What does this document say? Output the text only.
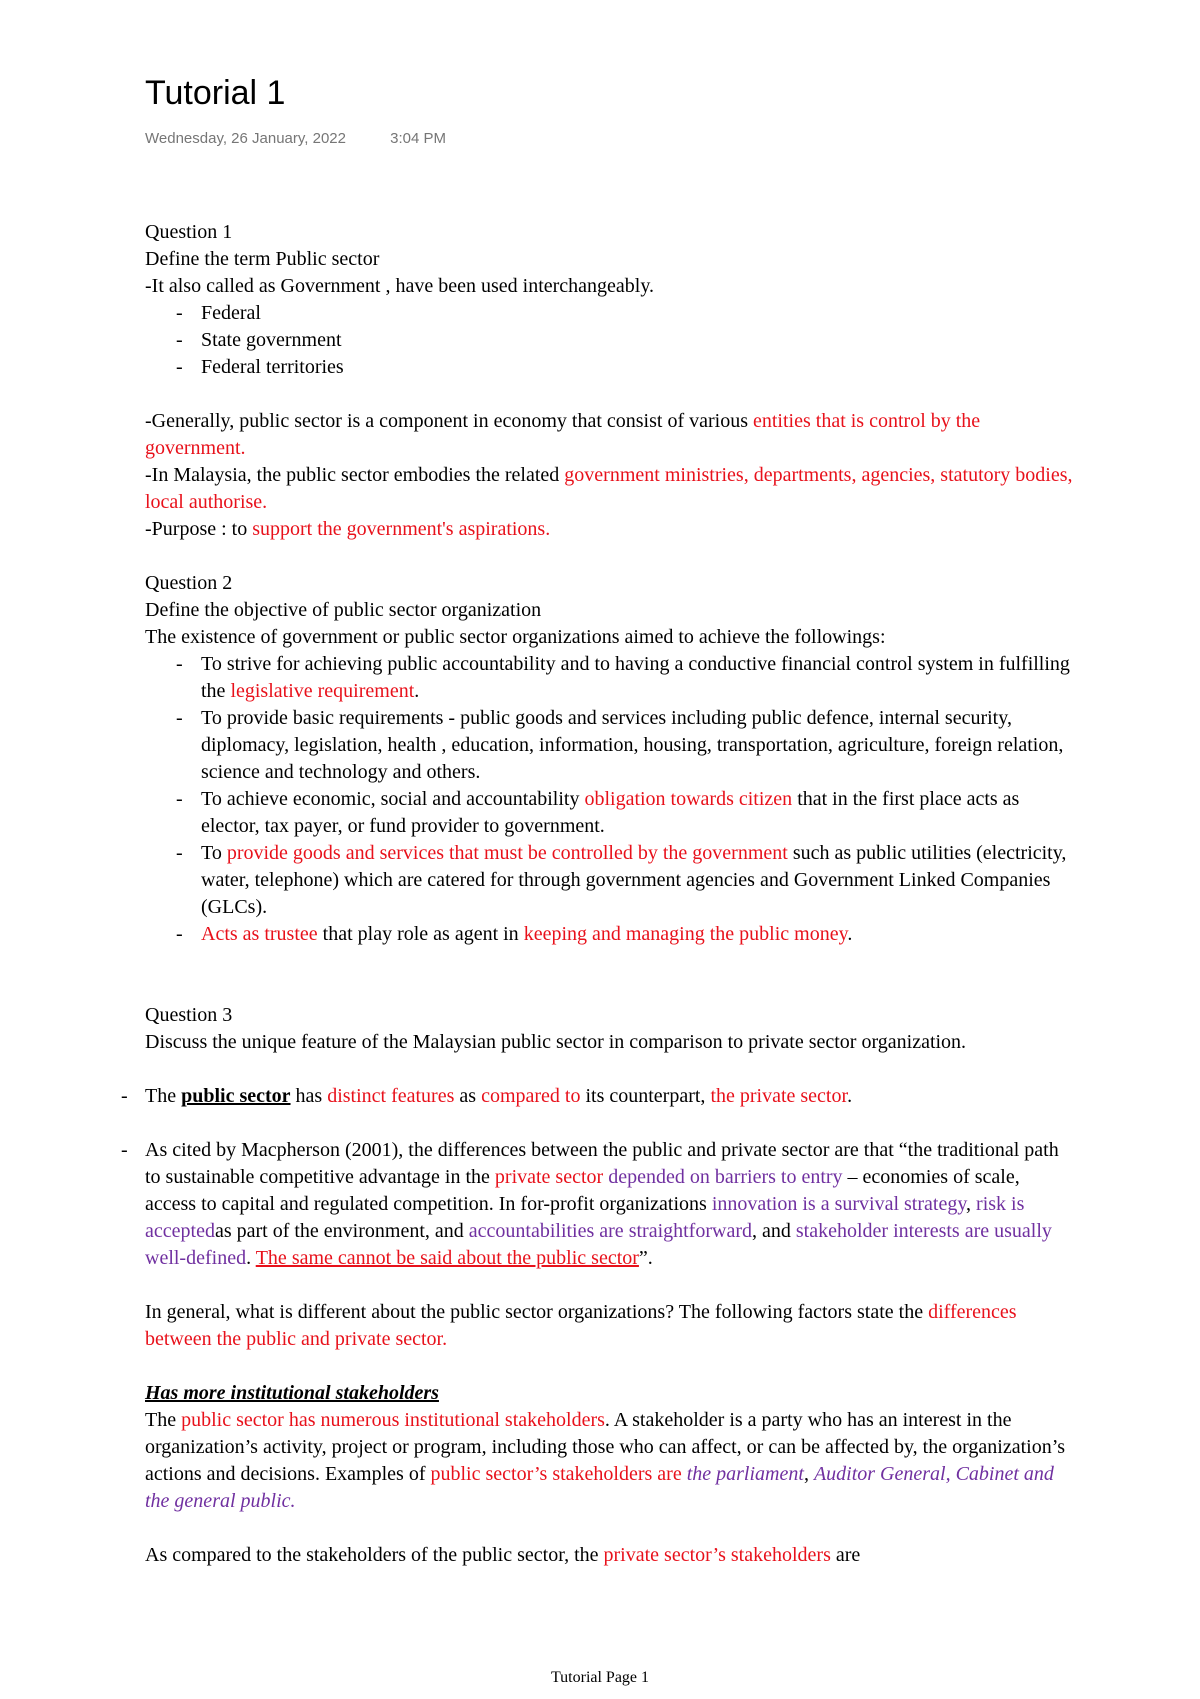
Tutorial 1
Wednesday, 26 January, 2022	3:04 PM

Question 1

Define the term Public sector

-It also called as Government , have been used interchangeably.

- Federal
- State government
- Federal territories

-Generally, public sector is a component in economy that consist of various entities that is control by the government.

-In Malaysia, the public sector embodies the related government ministries, departments, agencies, statutory bodies, local authorise.

-Purpose : to support the government's aspirations.

Question 2

Define the objective of public sector organization

The existence of government or public sector organizations aimed to achieve the followings:

- To strive for achieving public accountability and to having a conductive financial control system in fulfilling the legislative requirement.
- To provide basic requirements - public goods and services including public defence, internal security, diplomacy, legislation, health , education, information, housing, transportation, agriculture, foreign relation, science and technology and others.
- To achieve economic, social and accountability obligation towards citizen that in the first place acts as elector, tax payer, or fund provider to government.
- To provide goods and services that must be controlled by the government such as public utilities (electricity, water, telephone) which are catered for through government agencies and Government Linked Companies (GLCs).
- Acts as trustee that play role as agent in keeping and managing the public money.

Question 3

Discuss the unique feature of the Malaysian public sector in comparison to private sector organization.

- The public sector has distinct features as compared to its counterpart, the private sector.

- As cited by Macpherson (2001), the differences between the public and private sector are that “the traditional path to sustainable competitive advantage in the private sector depended on barriers to entry – economies of scale, access to capital and regulated competition. In for-profit organizations innovation is a survival strategy, risk is acceptedas part of the environment, and accountabilities are straightforward, and stakeholder interests are usually well-defined. The same cannot be said about the public sector”.

In general, what is different about the public sector organizations? The following factors state the differences between the public and private sector.

Has more institutional stakeholders

The public sector has numerous institutional stakeholders. A stakeholder is a party who has an interest in the organization’s activity, project or program, including those who can affect, or can be affected by, the organization’s actions and decisions. Examples of public sector’s stakeholders are the parliament, Auditor General, Cabinet and the general public.

As compared to the stakeholders of the public sector, the private sector’s stakeholders are

Tutorial Page 1
